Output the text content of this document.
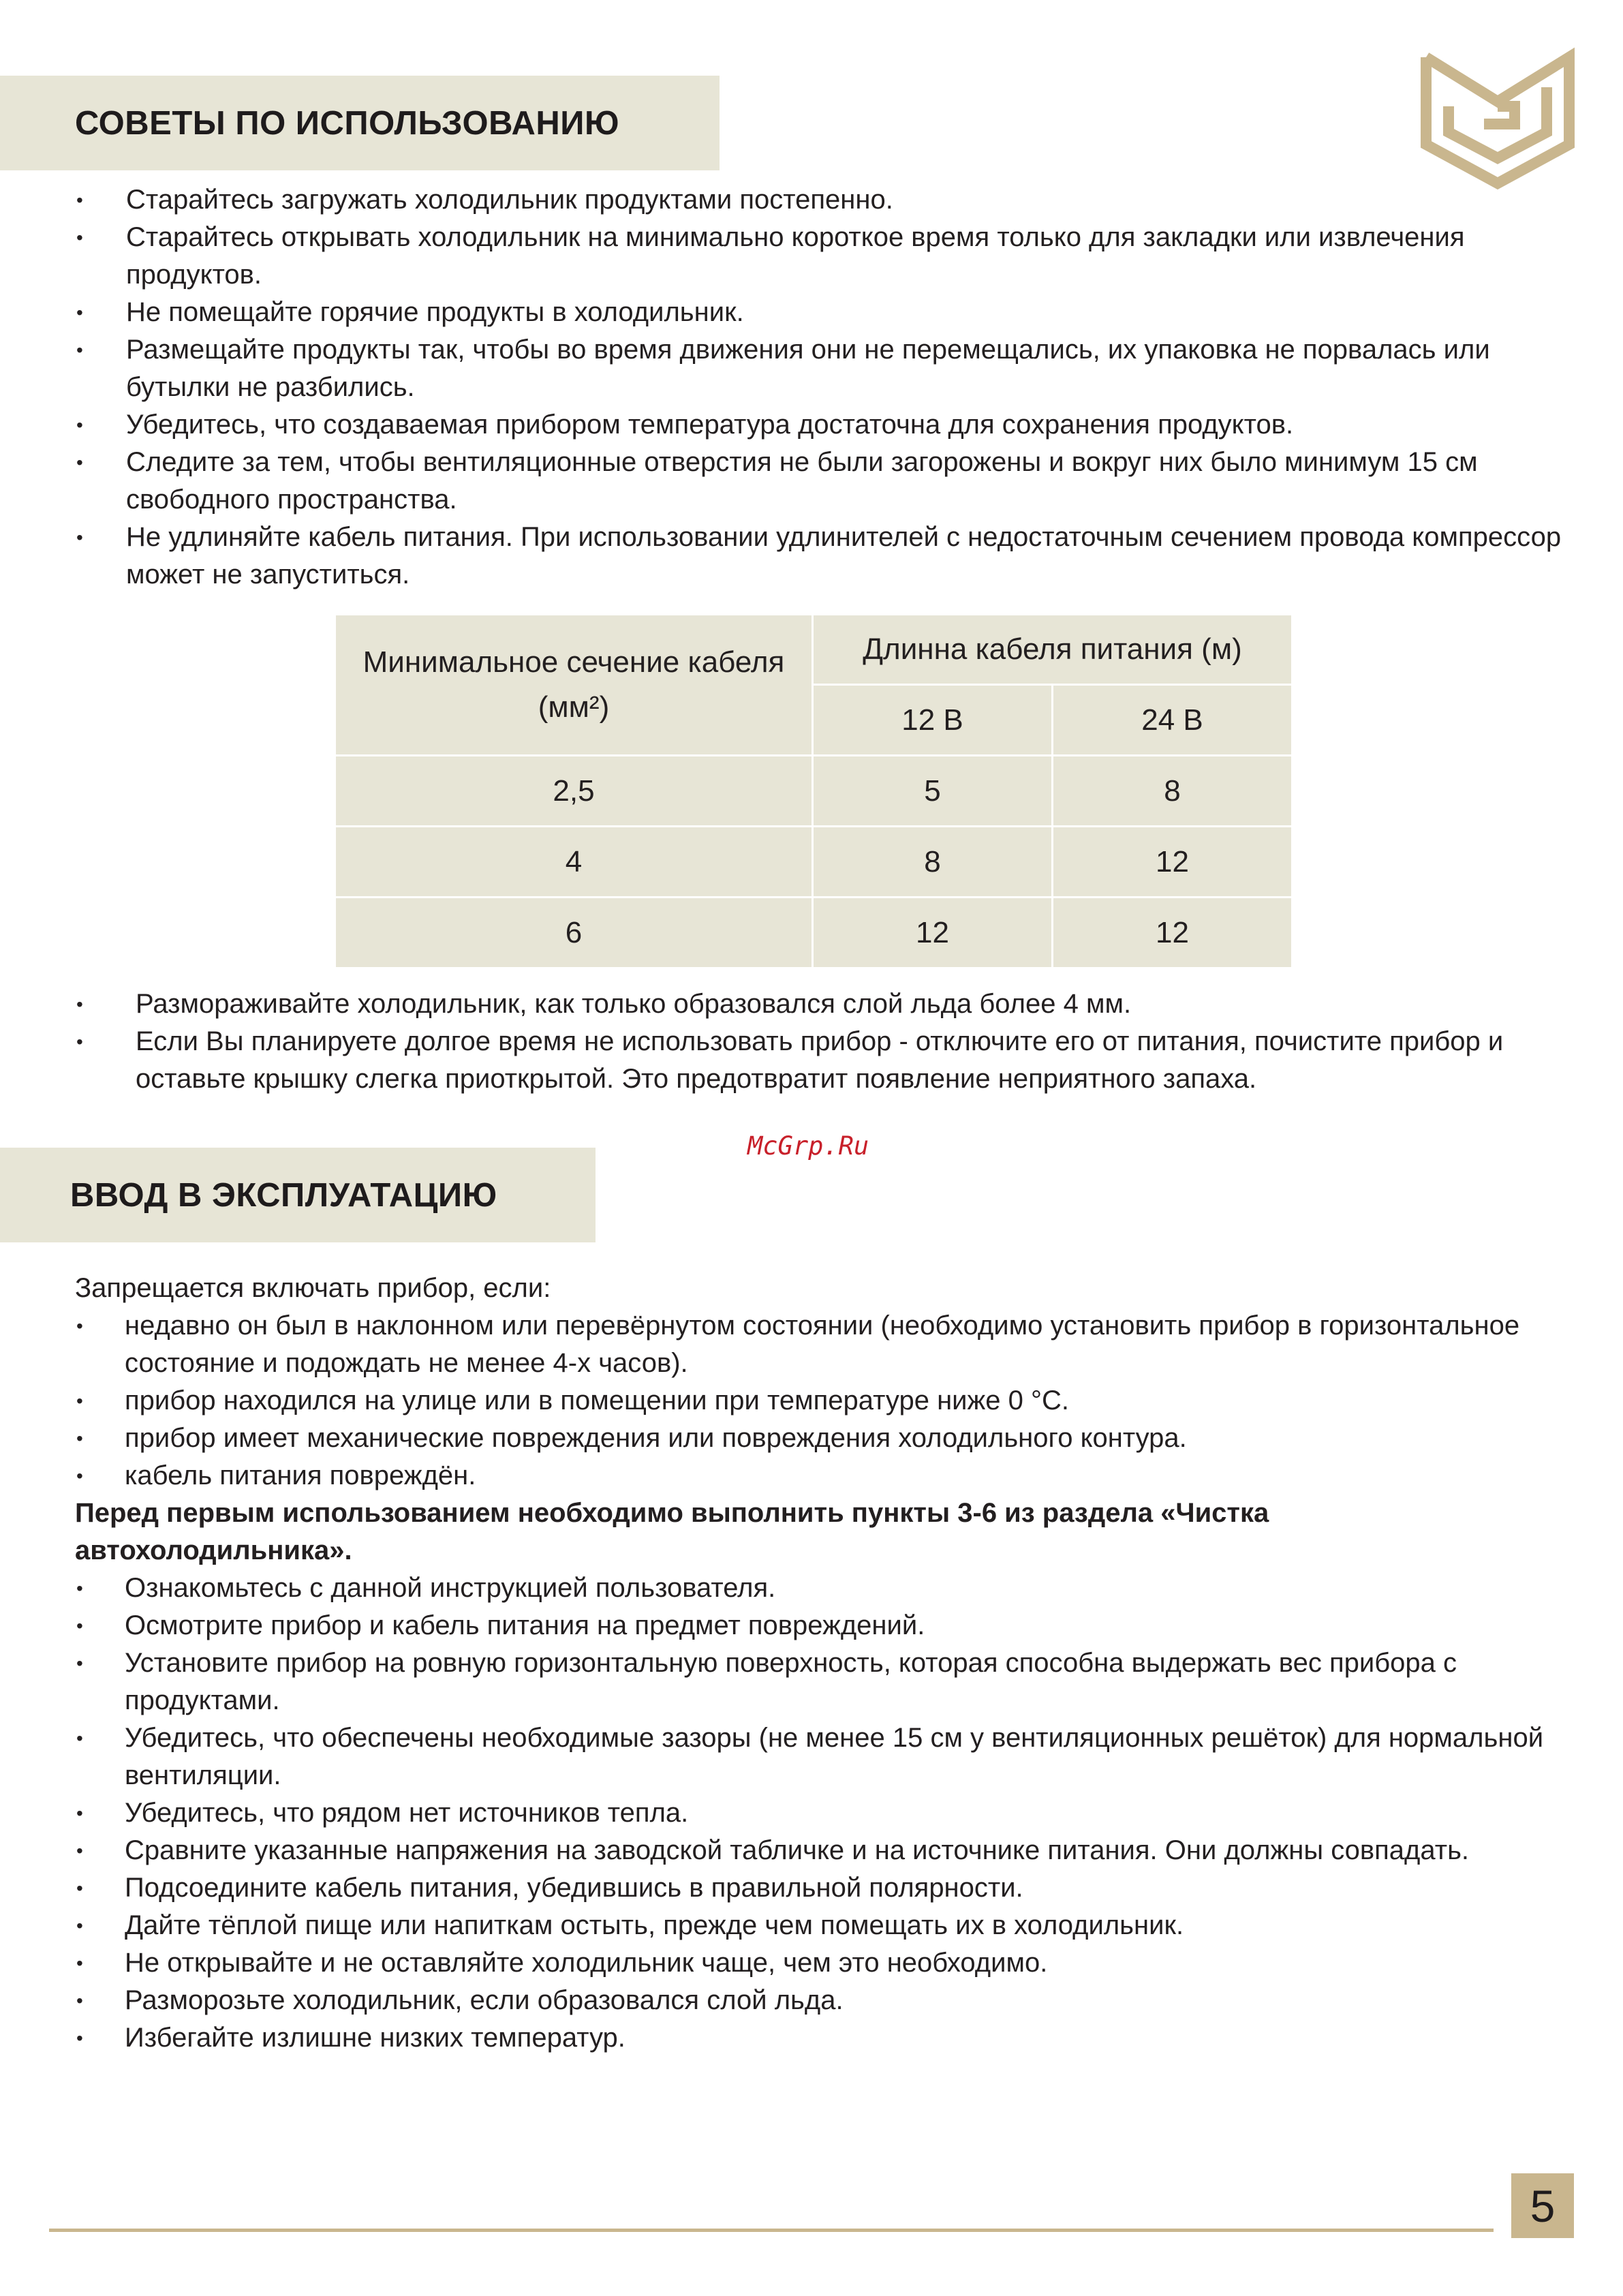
СОВЕТЫ ПО ИСПОЛЬЗОВАНИЮ
• Старайтесь загружать холодильник продуктами постепенно.
• Старайтесь открывать холодильник на минимально короткое время только для закладки или извлечения продуктов.
• Не помещайте горячие продукты в холодильник.
• Размещайте продукты так, чтобы во время движения они не перемещались, их упаковка не порвалась или бутылки не разбились.
• Убедитесь, что создаваемая прибором температура достаточна для сохранения продуктов.
• Следите за тем, чтобы вентиляционные отверстия не были загорожены и вокруг них было минимум 15 см свободного пространства.
• Не удлиняйте кабель питания. При использовании удлинителей с недостаточным сечением провода компрессор может не запуститься.
Минимальное сечение кабеля (мм²)	Длинна кабеля питания (м)	
	12 В	24 В
2,5	5	8
4	8	12
6	12	12
• Размораживайте холодильник, как только образовался слой льда более 4 мм.
• Если Вы планируете долгое время не использовать прибор - отключите его от питания, почистите прибор и оставьте крышку слегка приоткрытой. Это предотвратит появление неприятного запаха.
McGrp.Ru
ВВОД В ЭКСПЛУАТАЦИЮ

Запрещается включать прибор, если:

• недавно он был в наклонном или перевёрнутом состоянии (необходимо установить прибор в горизонтальное состояние и подождать не менее 4-х часов).
• прибор находился на улице или в помещении при температуре ниже 0 °С.
• прибор имеет механические повреждения или повреждения холодильного контура.
• кабель питания повреждён.

Перед первым использованием необходимо выполнить пункты 3-6 из раздела «Чистка автохолодильника».

• Ознакомьтесь с данной инструкцией пользователя.
• Осмотрите прибор и кабель питания на предмет повреждений.
• Установите прибор на ровную горизонтальную поверхность, которая способна выдержать вес прибора с продуктами.
• Убедитесь, что обеспечены необходимые зазоры (не менее 15 см у вентиляционных решёток) для нормальной вентиляции.
• Убедитесь, что рядом нет источников тепла.
• Сравните указанные напряжения на заводской табличке и на источнике питания. Они должны совпадать.
• Подсоедините кабель питания, убедившись в правильной полярности.
• Дайте тёплой пище или напиткам остыть, прежде чем помещать их в холодильник.
• Не открывайте и не оставляйте холодильник чаще, чем это необходимо.
• Разморозьте холодильник, если образовался слой льда.
• Избегайте излишне низких температур.
5
